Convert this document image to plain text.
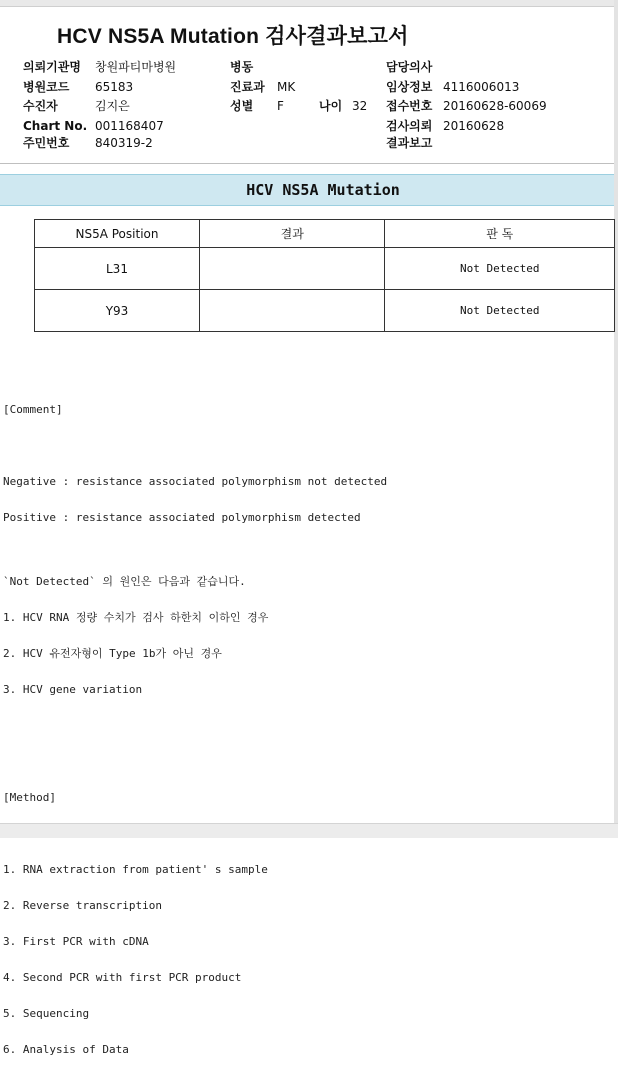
HCV NS5A Mutation 검사결과보고서
의뢰기관명 창원파티마병원	병동	담당의사
병원코드 65183	진료과 MK	임상정보 4116006013
수진자	김지은	성별 F	나이 32 접수번호 20160628-60069
Chart No. 001168407	검사의뢰 20160628
주민번호 840319-2	결과보고
HCV NS5A Mutation
NS5A Position	결과	판 독
L31		Not Detected
Y93		Not Detected

[Comment]

Negative : resistance associated polymorphism not detected

Positive : resistance associated polymorphism detected

`Not Detected` 의 원인은 다음과 같습니다.

1. HCV RNA 정량 수치가 검사 하한치 이하인 경우

2. HCV 유전자형이 Type 1b가 아닌 경우

3. HCV gene variation

[Method]

1. RNA extraction from patient' s sample

2. Reverse transcription

3. First PCR with cDNA

4. Second PCR with first PCR product

5. Sequencing

6. Analysis of Data
